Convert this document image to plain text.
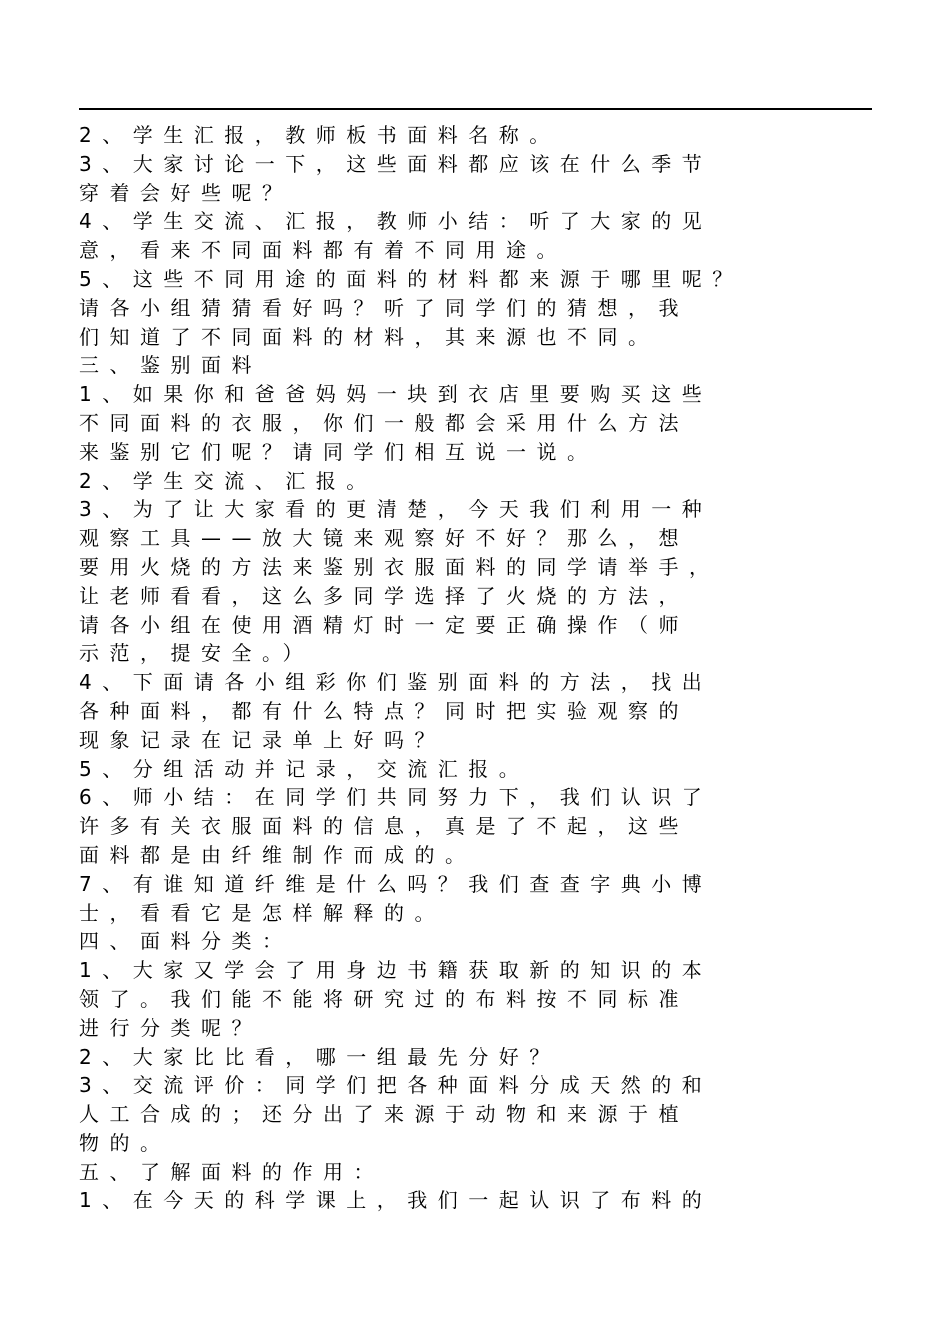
2、学生汇报，教师板书面料名称。
3、大家讨论一下，这些面料都应该在什么季节
穿着会好些呢？
4、学生交流、汇报，教师小结：听了大家的见
意，看来不同面料都有着不同用途。
5、这些不同用途的面料的材料都来源于哪里呢？
请各小组猜猜看好吗？听了同学们的猜想，我
们知道了不同面料的材料，其来源也不同。
三、鉴别面料
1、如果你和爸爸妈妈一块到衣店里要购买这些
不同面料的衣服，你们一般都会采用什么方法
来鉴别它们呢？请同学们相互说一说。
2、学生交流、汇报。
3、为了让大家看的更清楚，今天我们利用一种
观察工具——放大镜来观察好不好？那么，想
要用火烧的方法来鉴别衣服面料的同学请举手，
让老师看看，这么多同学选择了火烧的方法，
请各小组在使用酒精灯时一定要正确操作（师
示范，提安全。）
4、下面请各小组彩你们鉴别面料的方法，找出
各种面料，都有什么特点？同时把实验观察的
现象记录在记录单上好吗？
5、分组活动并记录，交流汇报。
6、师小结：在同学们共同努力下，我们认识了
许多有关衣服面料的信息，真是了不起，这些
面料都是由纤维制作而成的。
7、有谁知道纤维是什么吗？我们查查字典小博
士，看看它是怎样解释的。
四、面料分类：
1、大家又学会了用身边书籍获取新的知识的本
领了。我们能不能将研究过的布料按不同标准
进行分类呢？
2、大家比比看，哪一组最先分好？
3、交流评价：同学们把各种面料分成天然的和
人工合成的；还分出了来源于动物和来源于植
物的。
五、了解面料的作用：
1、在今天的科学课上，我们一起认识了布料的
